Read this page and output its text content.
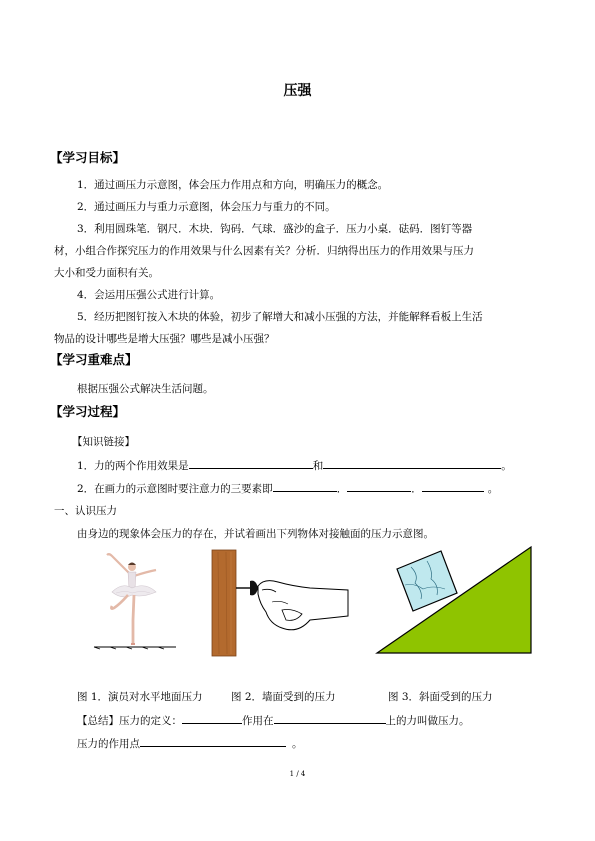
压强
【学习目标】
1．通过画压力示意图，体会压力作用点和方向，明确压力的概念。
2．通过画压力与重力示意图，体会压力与重力的不同。
3．利用圆珠笔．钢尺．木块．钩码．气球．盛沙的盒子．压力小桌．砝码．图钉等器
材，小组合作探究压力的作用效果与什么因素有关？分析．归纳得出压力的作用效果与压力
大小和受力面积有关。
4．会运用压强公式进行计算。
5．经历把图钉按入木块的体验，初步了解增大和减小压强的方法，并能解释看板上生活
物品的设计哪些是增大压强？哪些是减小压强？
【学习重难点】
根据压强公式解决生活问题。
【学习过程】
【知识链接】
1．力的两个作用效果是	和	。
2．在画力的示意图时要注意力的三要素即	．	．	。
一、认识压力
由身边的现象体会压力的存在，并试着画出下列物体对接触面的压力示意图。
图 1．演员对水平地面压力	图 2．墙面受到的压力	图 3．斜面受到的压力
【总结】压力的定义：	作用在	上的力叫做压力。
压力的作用点	。
1 / 4
